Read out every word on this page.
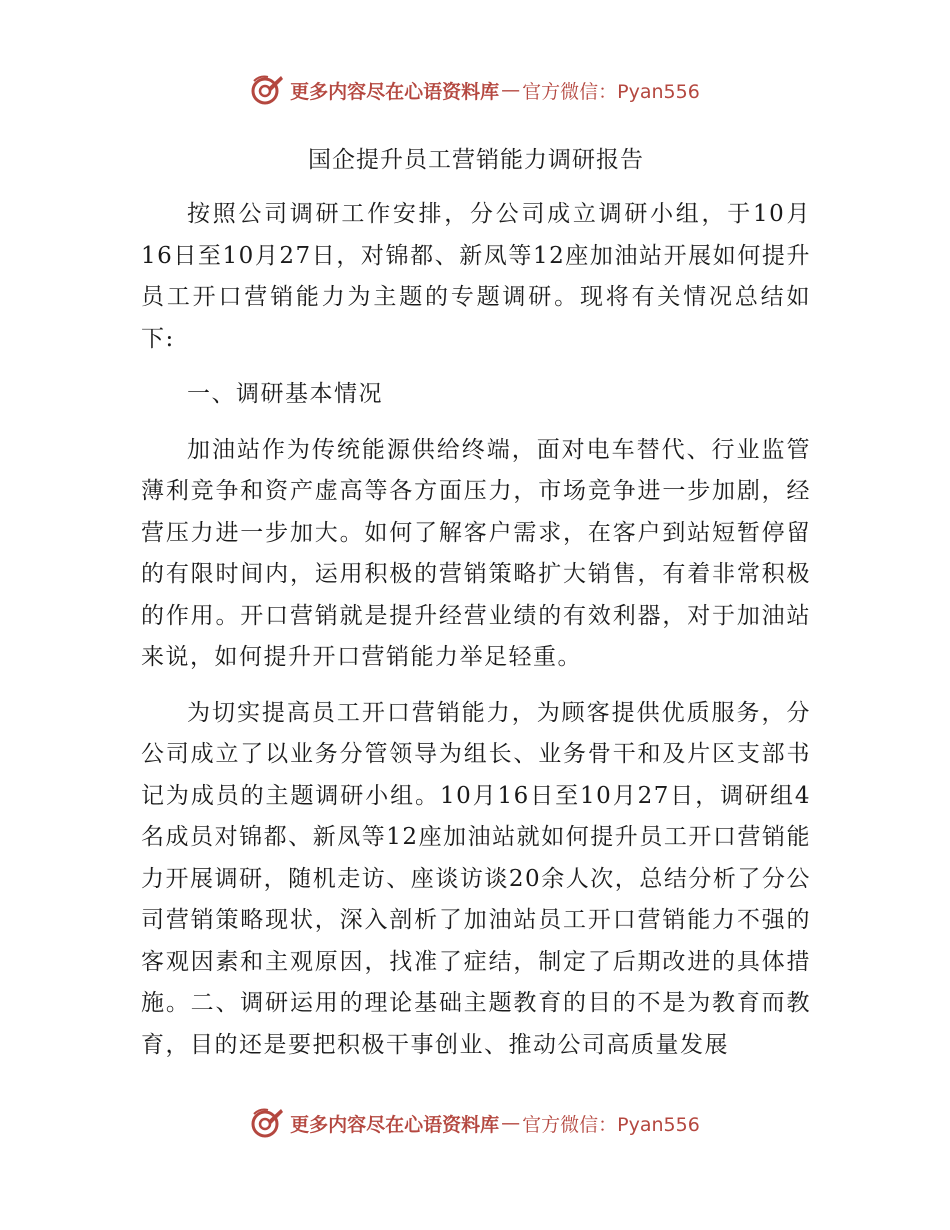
更多内容尽在心语资料库 — 官方微信：Pyan556
国企提升员工营销能力调研报告

按照公司调研工作安排，分公司成立调研小组，于10月16日至10月27日，对锦都、新凤等12座加油站开展如何提升员工开口营销能力为主题的专题调研。现将有关情况总结如下:

一、调研基本情况

加油站作为传统能源供给终端，面对电车替代、行业监管薄利竞争和资产虚高等各方面压力，市场竞争进一步加剧，经营压力进一步加大。如何了解客户需求，在客户到站短暂停留的有限时间内，运用积极的营销策略扩大销售，有着非常积极的作用。开口营销就是提升经营业绩的有效利器，对于加油站来说，如何提升开口营销能力举足轻重。

为切实提高员工开口营销能力，为顾客提供优质服务，分公司成立了以业务分管领导为组长、业务骨干和及片区支部书记为成员的主题调研小组。10月16日至10月27日，调研组4名成员对锦都、新凤等12座加油站就如何提升员工开口营销能力开展调研，随机走访、座谈访谈20余人次，总结分析了分公司营销策略现状，深入剖析了加油站员工开口营销能力不强的客观因素和主观原因，找准了症结，制定了后期改进的具体措施。二、调研运用的理论基础主题教育的目的不是为教育而教育，目的还是要把积极干事创业、推动公司高质量发展

更多内容尽在心语资料库 — 官方微信：Pyan556
